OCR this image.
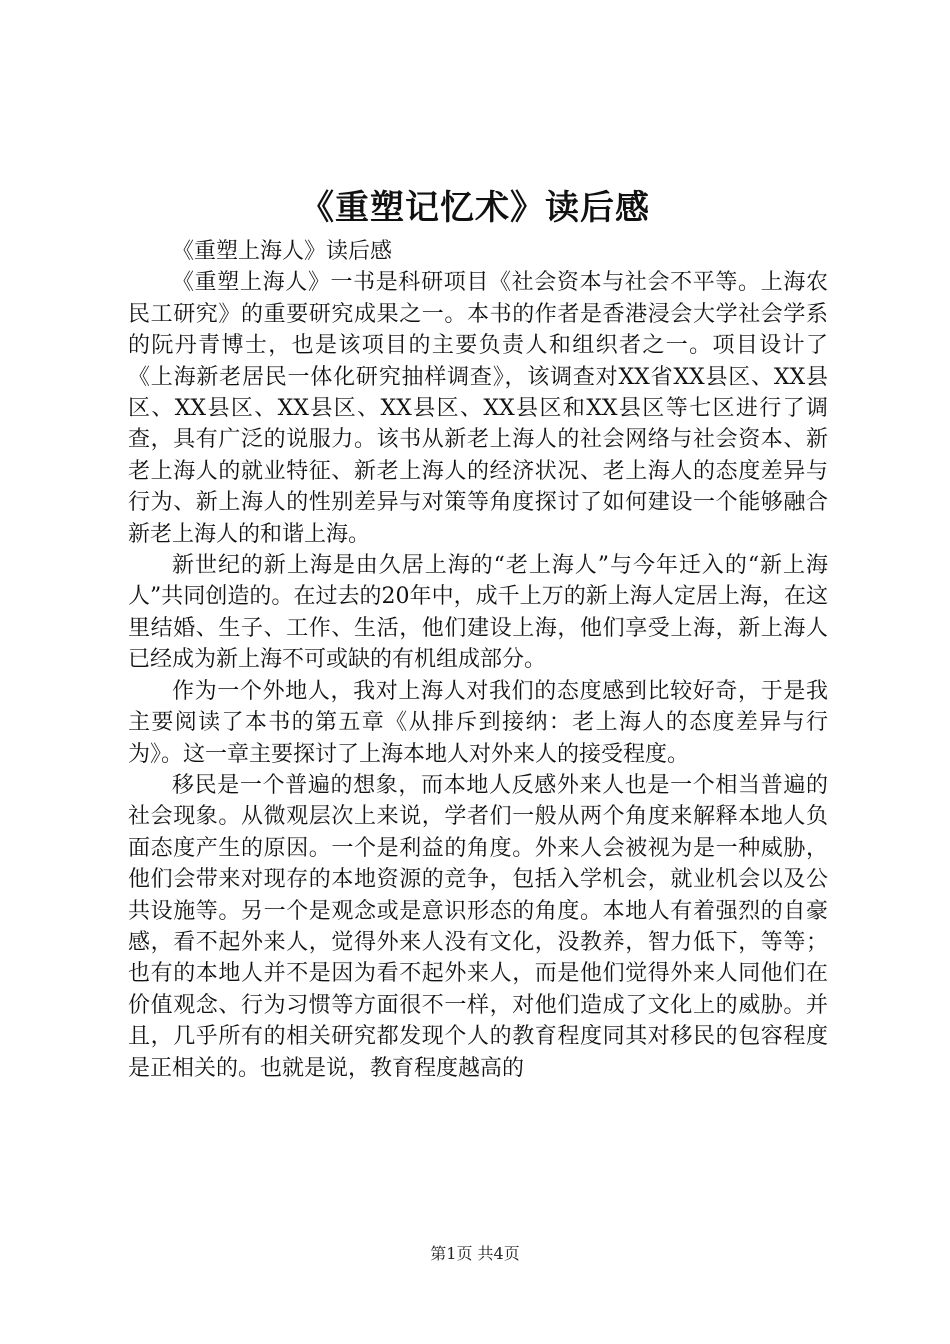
《重塑记忆术》读后感

《重塑上海人》读后感

《重塑上海人》一书是科研项目《社会资本与社会不平等。上海农民工研究》的重要研究成果之一。本书的作者是香港浸会大学社会学系的阮丹青博士，也是该项目的主要负责人和组织者之一。项目设计了《上海新老居民一体化研究抽样调查》，该调查对XX省XX县区、XX县区、XX县区、XX县区、XX县区、XX县区和XX县区等七区进行了调查，具有广泛的说服力。该书从新老上海人的社会网络与社会资本、新老上海人的就业特征、新老上海人的经济状况、老上海人的态度差异与行为、新上海人的性别差异与对策等角度探讨了如何建设一个能够融合新老上海人的和谐上海。

新世纪的新上海是由久居上海的“老上海人”与今年迁入的“新上海人”共同创造的。在过去的20年中，成千上万的新上海人定居上海，在这里结婚、生子、工作、生活，他们建设上海，他们享受上海，新上海人已经成为新上海不可或缺的有机组成部分。

作为一个外地人，我对上海人对我们的态度感到比较好奇，于是我主要阅读了本书的第五章《从排斥到接纳：老上海人的态度差异与行为》。这一章主要探讨了上海本地人对外来人的接受程度。

移民是一个普遍的想象，而本地人反感外来人也是一个相当普遍的社会现象。从微观层次上来说，学者们一般从两个角度来解释本地人负面态度产生的原因。一个是利益的角度。外来人会被视为是一种威胁，他们会带来对现存的本地资源的竞争，包括入学机会，就业机会以及公共设施等。另一个是观念或是意识形态的角度。本地人有着强烈的自豪感，看不起外来人，觉得外来人没有文化，没教养，智力低下，等等；也有的本地人并不是因为看不起外来人，而是他们觉得外来人同他们在价值观念、行为习惯等方面很不一样，对他们造成了文化上的威胁。并且，几乎所有的相关研究都发现个人的教育程度同其对移民的包容程度是正相关的。也就是说，教育程度越高的

第1页 共4页
